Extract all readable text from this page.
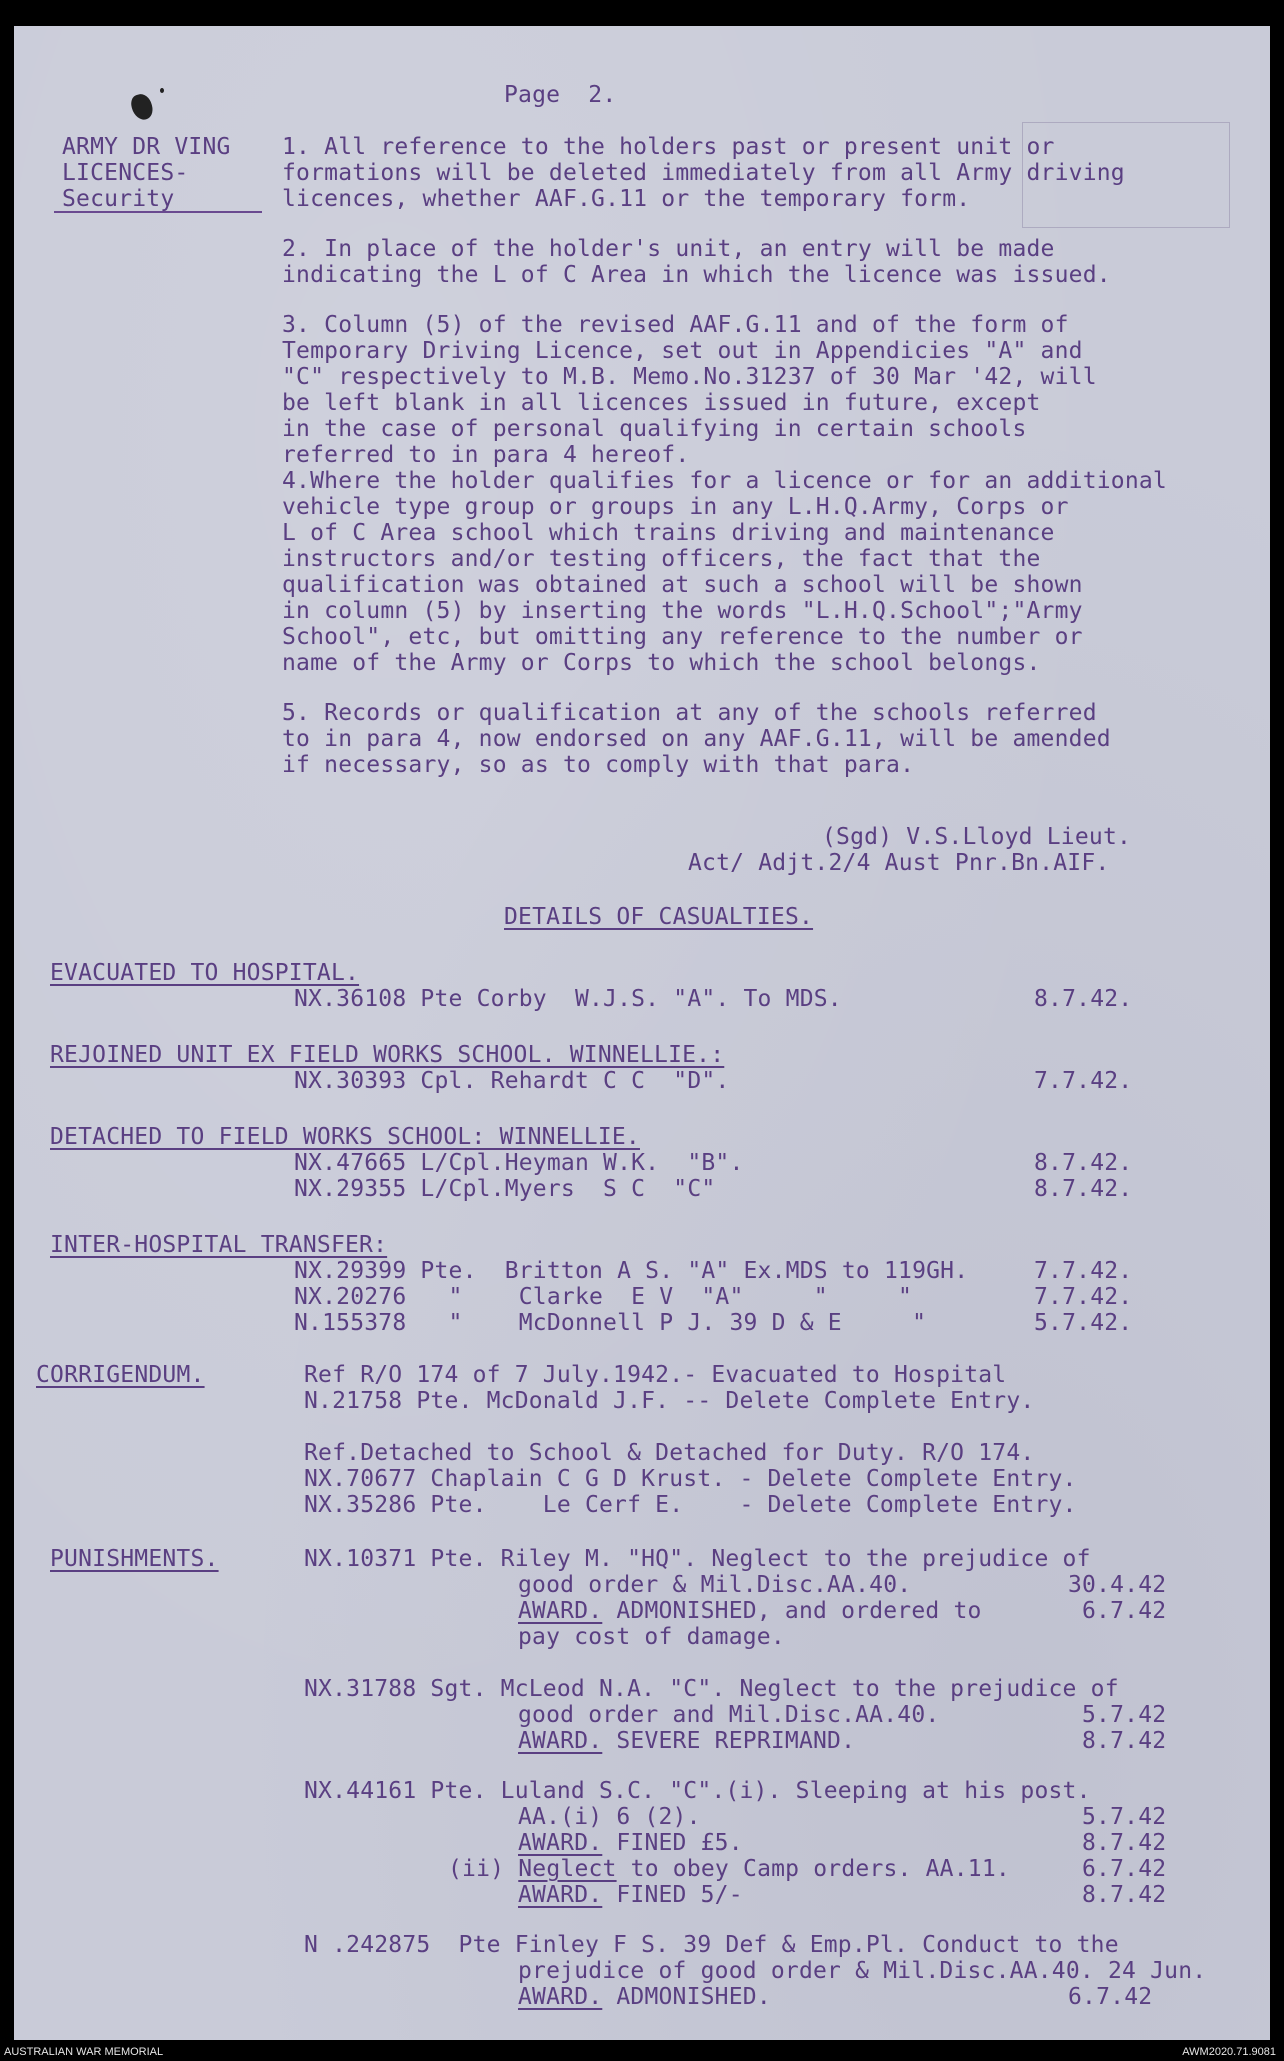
Page  2.
ARMY DR VING
LICENCES-
Security
1. All reference to the holders past or present unit or
formations will be deleted immediately from all Army driving
licences, whether AAF.G.11 or the temporary form.
2. In place of the holder's unit, an entry will be made
indicating the L of C Area in which the licence was issued.
3. Column (5) of the revised AAF.G.11 and of the form of
Temporary Driving Licence, set out in Appendicies "A" and
"C" respectively to M.B. Memo.No.31237 of 30 Mar '42, will
be left blank in all licences issued in future, except
in the case of personal qualifying in certain schools
referred to in para 4 hereof.
4.Where the holder qualifies for a licence or for an additional
vehicle type group or groups in any L.H.Q.Army, Corps or
L of C Area school which trains driving and maintenance
instructors and/or testing officers, the fact that the
qualification was obtained at such a school will be shown
in column (5) by inserting the words "L.H.Q.School";"Army
School", etc, but omitting any reference to the number or
name of the Army or Corps to which the school belongs.
5. Records or qualification at any of the schools referred
to in para 4, now endorsed on any AAF.G.11, will be amended
if necessary, so as to comply with that para.
(Sgd) V.S.Lloyd Lieut.
Act/ Adjt.2/4 Aust Pnr.Bn.AIF.
DETAILS OF CASUALTIES.
EVACUATED TO HOSPITAL.
NX.36108 Pte Corby  W.J.S. "A". To MDS.	8.7.42.
REJOINED UNIT EX FIELD WORKS SCHOOL. WINNELLIE.:
NX.30393 Cpl. Rehardt C C  "D".	7.7.42.
DETACHED TO FIELD WORKS SCHOOL: WINNELLIE.
NX.47665 L/Cpl.Heyman W.K.  "B".	8.7.42.
NX.29355 L/Cpl.Myers  S C  "C"	8.7.42.
INTER-HOSPITAL TRANSFER:
NX.29399 Pte.  Britton A S. "A" Ex.MDS to 119GH.	7.7.42.
NX.20276   "    Clarke  E V  "A"     "     "	7.7.42.
N.155378   "    McDonnell P J. 39 D & E     "	5.7.42.
CORRIGENDUM.	Ref R/O 174 of 7 July.1942.- Evacuated to Hospital
N.21758 Pte. McDonald J.F. -- Delete Complete Entry.
Ref.Detached to School & Detached for Duty. R/O 174.
NX.70677 Chaplain C G D Krust. - Delete Complete Entry.
NX.35286 Pte.    Le Cerf E.    - Delete Complete Entry.
PUNISHMENTS.	NX.10371 Pte. Riley M. "HQ". Neglect to the prejudice of
good order & Mil.Disc.AA.40.	30.4.42
AWARD. ADMONISHED, and ordered to	6.7.42
pay cost of damage.
NX.31788 Sgt. McLeod N.A. "C". Neglect to the prejudice of
good order and Mil.Disc.AA.40.	5.7.42
AWARD. SEVERE REPRIMAND.	8.7.42
NX.44161 Pte. Luland S.C. "C".(i). Sleeping at his post.
AA.(i) 6 (2).	5.7.42
AWARD. FINED £5.	8.7.42
(ii) Neglect to obey Camp orders. AA.11.	6.7.42
AWARD. FINED 5/-	8.7.42
N .242875  Pte Finley F S. 39 Def & Emp.Pl. Conduct to the
prejudice of good order & Mil.Disc.AA.40. 24 Jun.
AWARD. ADMONISHED.	6.7.42
AUSTRALIAN WAR MEMORIAL	AWM2020.71.9081
